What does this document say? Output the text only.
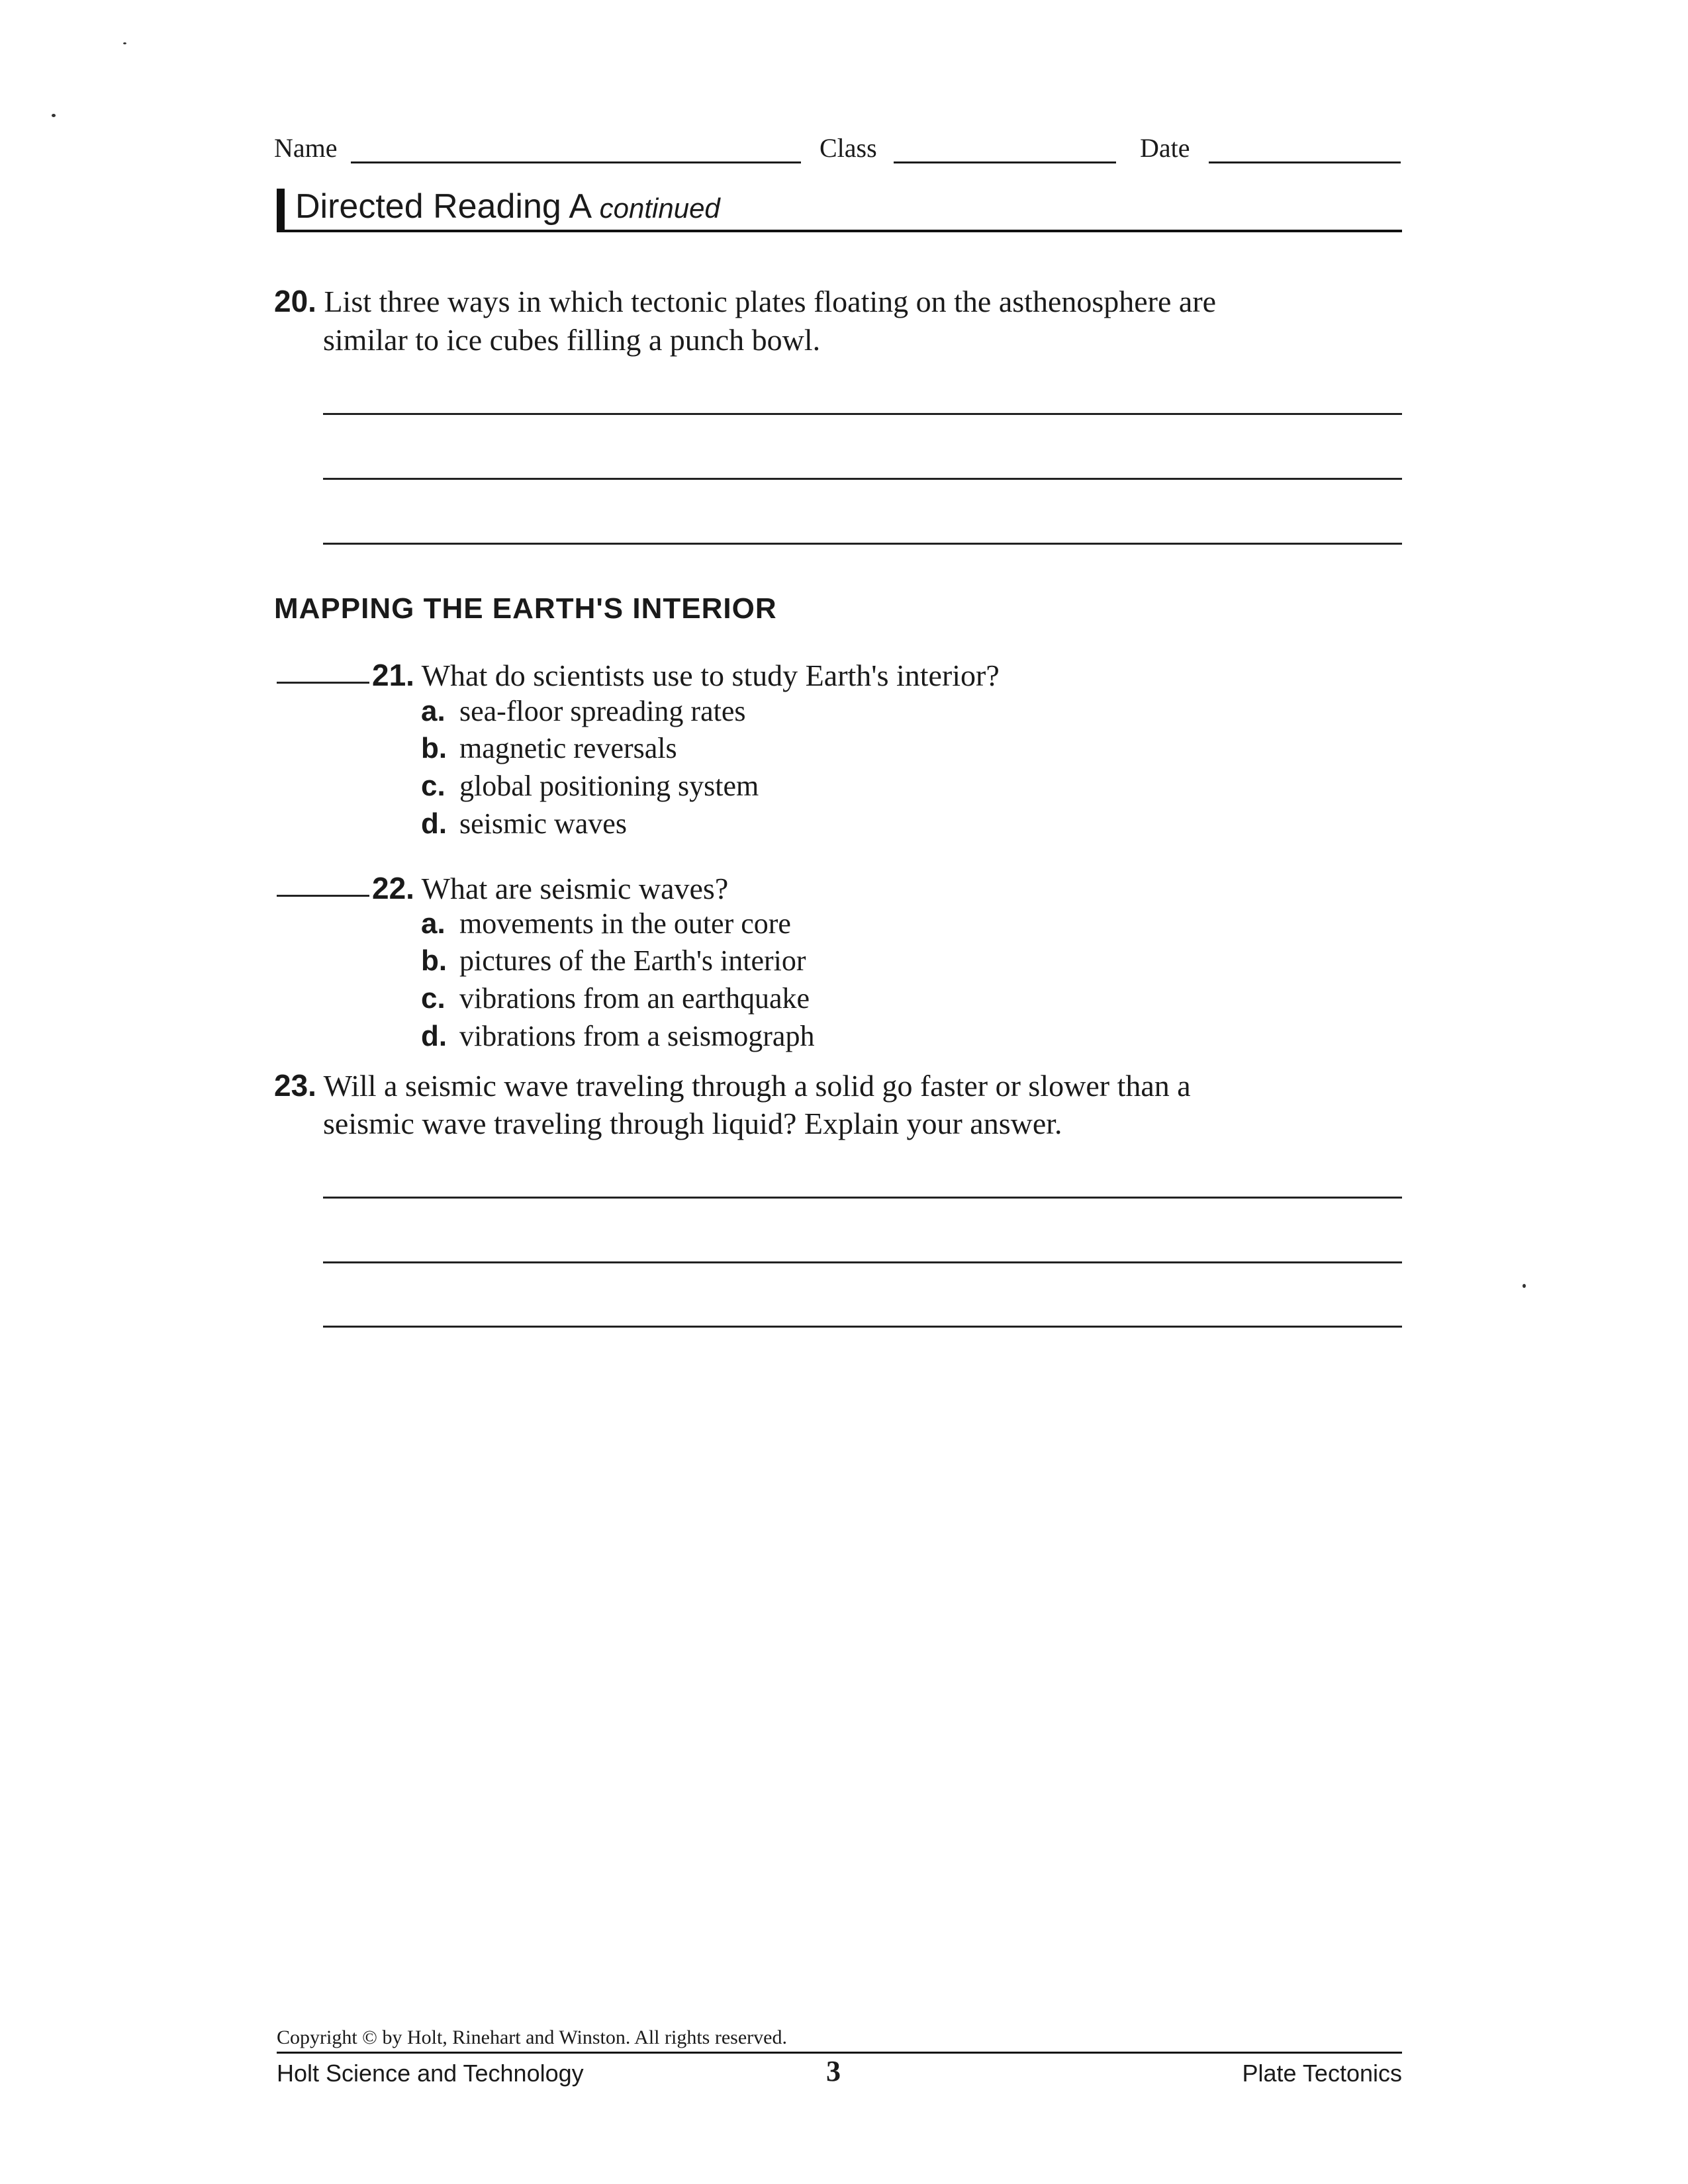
Name	Class	Date
Directed Reading A continued
20. List three ways in which tectonic plates floating on the asthenosphere are
similar to ice cubes filling a punch bowl.
MAPPING THE EARTH'S INTERIOR
21. What do scientists use to study Earth's interior?
a. sea-floor spreading rates
b. magnetic reversals
c. global positioning system
d. seismic waves
22. What are seismic waves?
a. movements in the outer core
b. pictures of the Earth's interior
c. vibrations from an earthquake
d. vibrations from a seismograph
23. Will a seismic wave traveling through a solid go faster or slower than a
seismic wave traveling through liquid? Explain your answer.
Copyright © by Holt, Rinehart and Winston. All rights reserved.
Holt Science and Technology	3	Plate Tectonics
